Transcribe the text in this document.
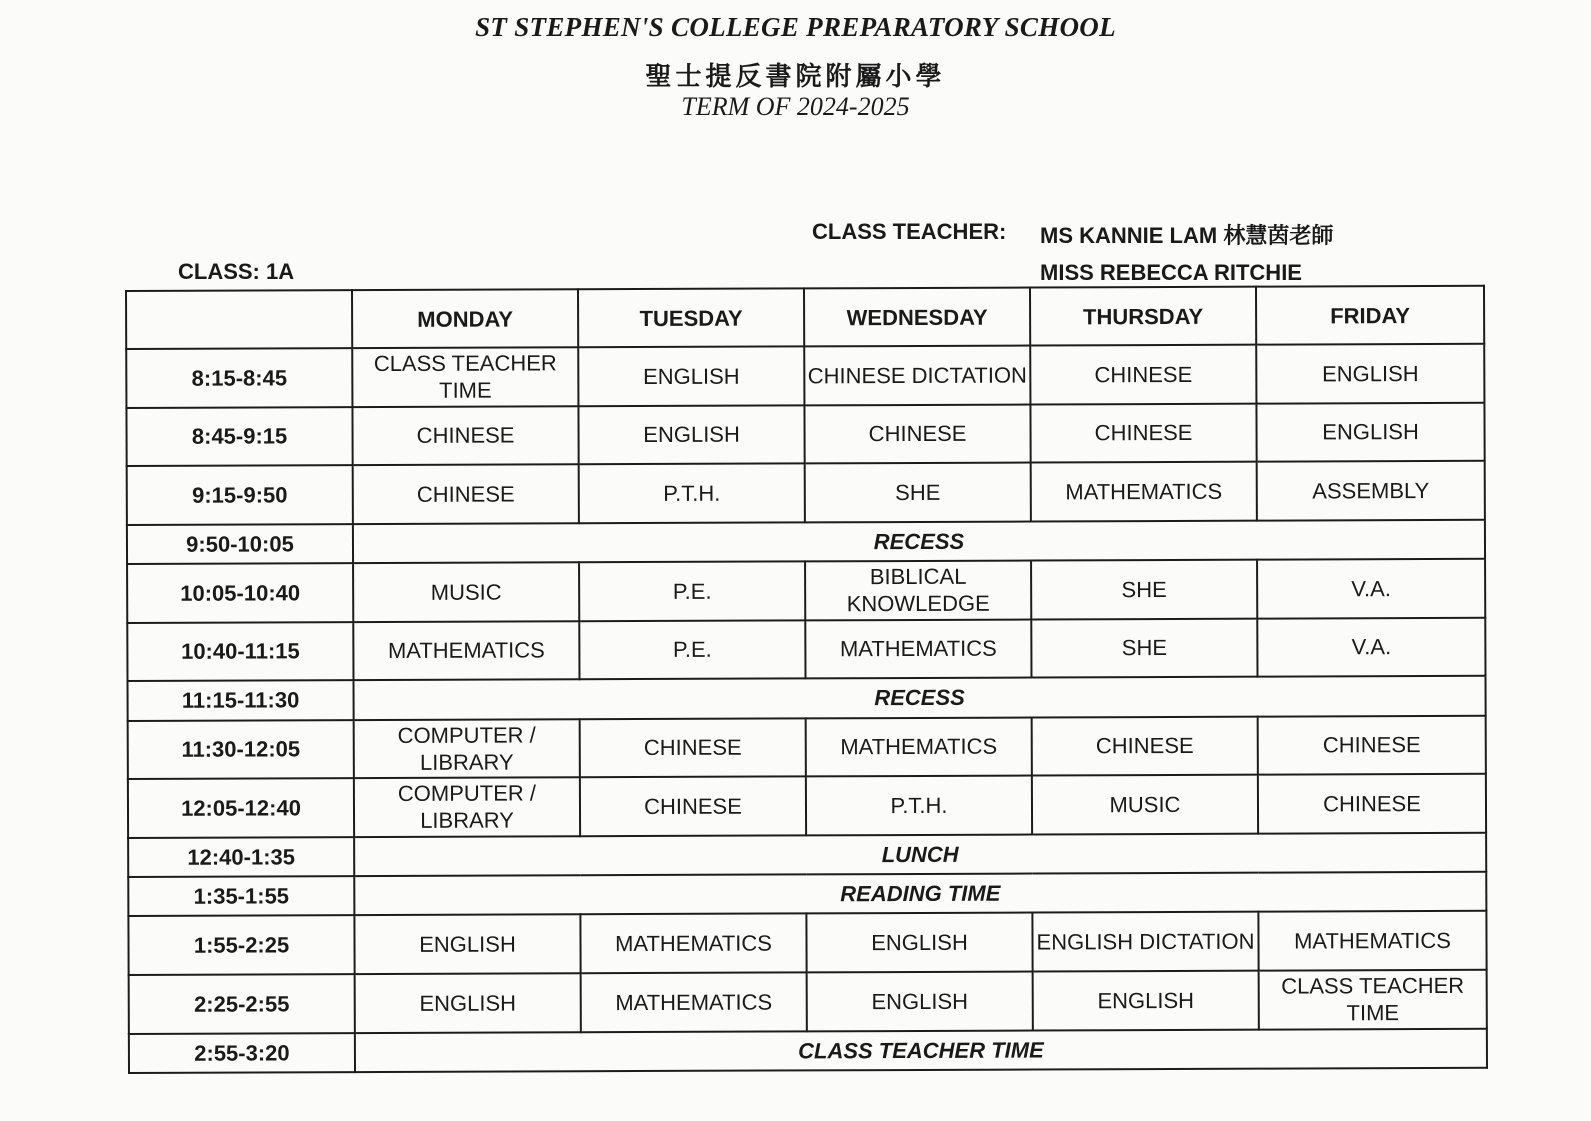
ST STEPHEN'S COLLEGE PREPARATORY SCHOOL
聖士提反書院附屬小學
TERM OF 2024-2025
CLASS TEACHER: MS KANNIE LAM 林慧茵老師
MISS REBECCA RITCHIE
CLASS: 1A
	MONDAY	TUESDAY	WEDNESDAY	THURSDAY	FRIDAY
8:15-8:45	CLASS TEACHER TIME	ENGLISH	CHINESE DICTATION	CHINESE	ENGLISH
8:45-9:15	CHINESE	ENGLISH	CHINESE	CHINESE	ENGLISH
9:15-9:50	CHINESE	P.T.H.	SHE	MATHEMATICS	ASSEMBLY
9:50-10:05	RECESS				
10:05-10:40	MUSIC	P.E.	BIBLICAL KNOWLEDGE	SHE	V.A.
10:40-11:15	MATHEMATICS	P.E.	MATHEMATICS	SHE	V.A.
11:15-11:30	RECESS				
11:30-12:05	COMPUTER / LIBRARY	CHINESE	MATHEMATICS	CHINESE	CHINESE
12:05-12:40	COMPUTER / LIBRARY	CHINESE	P.T.H.	MUSIC	CHINESE
12:40-1:35	LUNCH				
1:35-1:55	READING TIME				
1:55-2:25	ENGLISH	MATHEMATICS	ENGLISH	ENGLISH DICTATION	MATHEMATICS
2:25-2:55	ENGLISH	MATHEMATICS	ENGLISH	ENGLISH	CLASS TEACHER TIME
2:55-3:20	CLASS TEACHER TIME				
